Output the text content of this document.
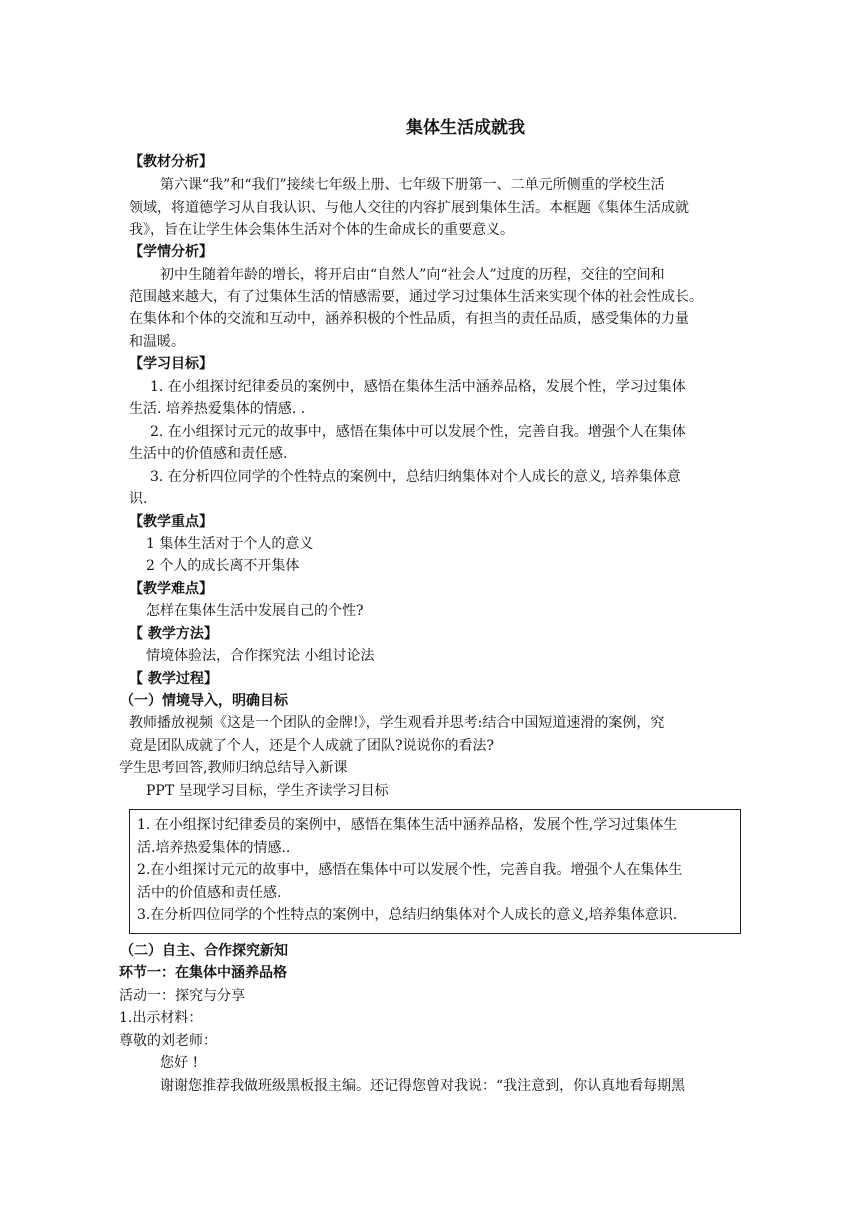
集体生活成就我
【教材分析】
第六课“我”和“我们”接续七年级上册、七年级下册第一、二单元所侧重的学校生活
领域，将道德学习从自我认识、与他人交往的内容扩展到集体生活。本框题《集体生活成就
我》，旨在让学生体会集体生活对个体的生命成长的重要意义。
【学情分析】
初中生随着年龄的增长，将开启由“自然人”向“社会人”过度的历程，交往的空间和
范围越来越大，有了过集体生活的情感需要，通过学习过集体生活来实现个体的社会性成长。
在集体和个体的交流和互动中，涵养积极的个性品质，有担当的责任品质，感受集体的力量
和温暖。
【学习目标】
1. 在小组探讨纪律委员的案例中，感悟在集体生活中涵养品格，发展个性，学习过集体
生活. 培养热爱集体的情感. .
2. 在小组探讨元元的故事中，感悟在集体中可以发展个性，完善自我。增强个人在集体
生活中的价值感和责任感.
3. 在分析四位同学的个性特点的案例中，总结归纳集体对个人成长的意义, 培养集体意
识.
【教学重点】
1 集体生活对于个人的意义
2 个人的成长离不开集体
【教学难点】
怎样在集体生活中发展自己的个性?
【 教学方法】
情境体验法，合作探究法 小组讨论法
【 教学过程】
（一）情境导入，明确目标
教师播放视频《这是一个团队的金牌!》，学生观看并思考:结合中国短道速滑的案例，究
竟是团队成就了个人，还是个人成就了团队?说说你的看法?
学生思考回答,教师归纳总结导入新课
PPT 呈现学习目标，学生齐读学习目标
1. 在小组探讨纪律委员的案例中，感悟在集体生活中涵养品格，发展个性,学习过集体生
活.培养热爱集体的情感..
2.在小组探讨元元的故事中，感悟在集体中可以发展个性，完善自我。增强个人在集体生
活中的价值感和责任感.
3.在分析四位同学的个性特点的案例中，总结归纳集体对个人成长的意义,培养集体意识.
（二）自主、合作探究新知
环节一：在集体中涵养品格
活动一：探究与分享
1.出示材料：
尊敬的刘老师：
您好 !
谢谢您推荐我做班级黑板报主编。还记得您曾对我说：“我注意到，你认真地看每期黑
